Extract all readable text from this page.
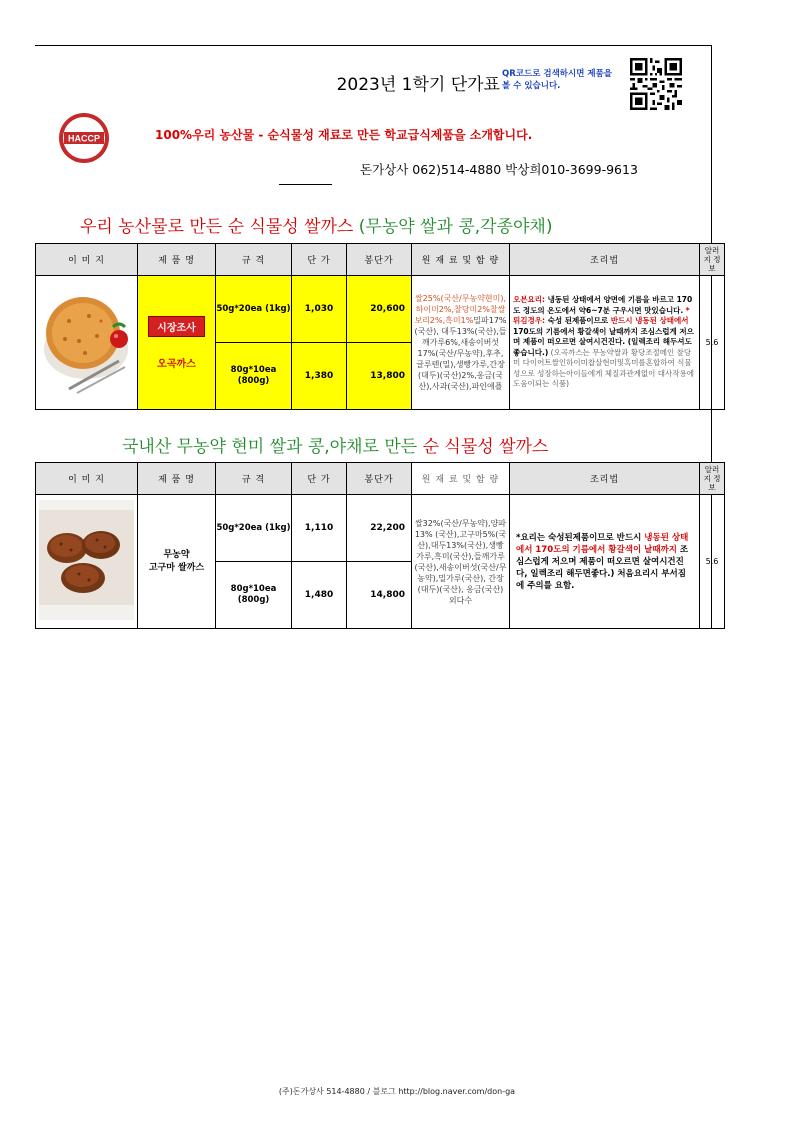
2023년 1학기 단가표
QR코드로 검색하시면 제품을 볼 수 있습니다.
HACCP	100%우리 농산물 - 순식물성 재료로 만든 학교급식제품을 소개합니다.
돈가상사 062)514-4880 박상희010-3699-9613
우리 농산물로 만든 순 식물성 쌀까스 (무농약 쌀과 콩,각종야채)
이 미 지	제 품 명	규 격	단 가	봉단가	원 재 료 및 함 량	조리법	알러 지 정 보
	시장조사
오곡까스	50g*20ea (1kg)	1,030	20,600	쌀25%(국산/무농약현미),하이미2%,찰당미2%찰쌀보리2%,흑미1%밀파17%(국산), 대두13%(국산),들깨가루6%,새송이버섯17%(국산/무농약),후추,글루텐(밀),생빵가루,간장(대두)(국산)2%,옹금(국산),사과(국산),파인애플	오븐요리: 냉동된 상태에서 양면에 기름을 바르고 170도 정도의 온도에서 약6~7분 구우시면 맛있습니다. *튀김경우: 숙성 된제품이므로 반드시 냉동된 상태에서 170도의 기름에서 황갈색이 날때까지 조심스럽게 저으며 제품이 떠오르면 살여시건진다. (일렉조리 해두셔도 좋습니다.) (오곡까스는 무농약쌀과 황당조절메인 찰당미 다이어트쌀인하이미찹살현미및흑미를혼합하여 식물성으로 성장하는아이들에게 체질과관계없이 대사작용에 도움이되는 식품)	5.6
		80g*10ea (800g)	1,380	13,800			
국내산 무농약 현미 쌀과 콩,야채로 만든 순 식물성 쌀까스
이 미 지	제 품 명	규 격	단 가	봉단가	원 재 료 및 함 량	조리법	알러 지 정 보

무농약
고구마 쌀까스	50g*20ea (1kg)	1,110	22,200	쌀32%(국산/무농약),양파13% (국산),고구마5%(국산),대두13%(국산),생빵가루,흑미(국산),들깨가루(국산),새송이버섯(국산/무농약),밀가루(국산), 간장(대두)(국산), 옹금(국산)외다수	*요리는 숙성된제품이므로 반드시 냉동된 상태에서 170도의 기름에서 황갈색이 날때까지 조심스럽게 저으며 제품이 떠오르면 살여시건진다, 일렉조리 해두면좋다.) 처음요리시 부서짐에 주의를 요함.	5.6
		80g*10ea (800g)	1,480	14,800			
(주)돈가상사 514-4880 / 블로그 http://blog.naver.com/don-ga
